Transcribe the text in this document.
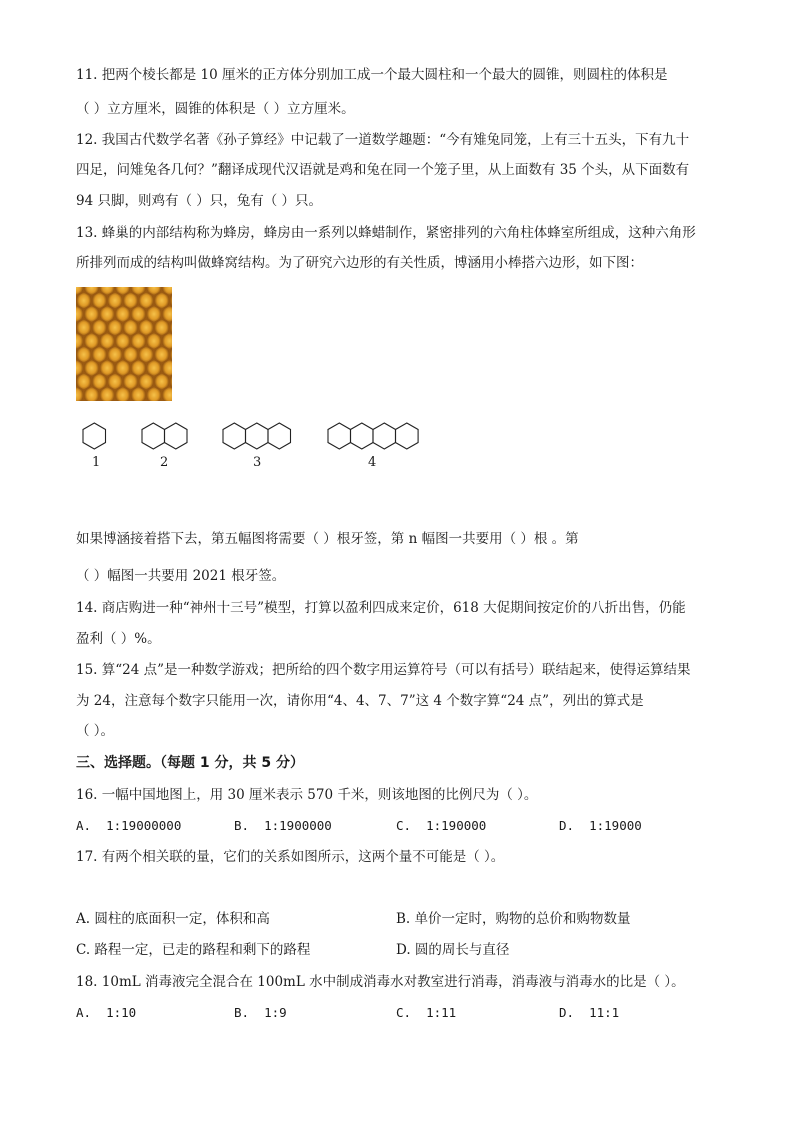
11. 把两个棱长都是 10 厘米的正方体分别加工成一个最大圆柱和一个最大的圆锥，则圆柱的体积是
（ ）立方厘米，圆锥的体积是（ ）立方厘米。
12. 我国古代数学名著《孙子算经》中记载了一道数学趣题：“今有雉兔同笼，上有三十五头，下有九十
四足，问雉兔各几何？”翻译成现代汉语就是鸡和兔在同一个笼子里，从上面数有 35 个头，从下面数有
94 只脚，则鸡有（ ）只，兔有（ ）只。
13. 蜂巢的内部结构称为蜂房，蜂房由一系列以蜂蜡制作，紧密排列的六角柱体蜂室所组成，这种六角形
所排列而成的结构叫做蜂窝结构。为了研究六边形的有关性质，博涵用小棒搭六边形，如下图：
1	2	3	4
如果博涵接着搭下去，第五幅图将需要（ ）根牙签，第 n 幅图一共要用（ ）根 。第
（ ）幅图一共要用 2021 根牙签。
14. 商店购进一种“神州十三号”模型，打算以盈利四成来定价，618 大促期间按定价的八折出售，仍能
盈利（ ）%。
15. 算“24 点”是一种数学游戏；把所给的四个数字用运算符号（可以有括号）联结起来，使得运算结果
为 24，注意每个数字只能用一次，请你用“4、4、7、7”这 4 个数字算“24 点”，列出的算式是
（ ）。
三、选择题。（每题 1 分，共 5 分）
16. 一幅中国地图上，用 30 厘米表示 570 千米，则该地图的比例尺为（ ）。
A.  1:19000000	B.  1:1900000	C.  1:190000	D.  1:19000
17. 有两个相关联的量，它们的关系如图所示，这两个量不可能是（ ）。
A. 圆柱的底面积一定，体积和高	B. 单价一定时，购物的总价和购物数量
C. 路程一定，已走的路程和剩下的路程	D. 圆的周长与直径
18. 10mL 消毒液完全混合在 100mL 水中制成消毒水对教室进行消毒，消毒液与消毒水的比是（ ）。
A.  1:10	B.  1:9	C.  1:11	D.  11:1
